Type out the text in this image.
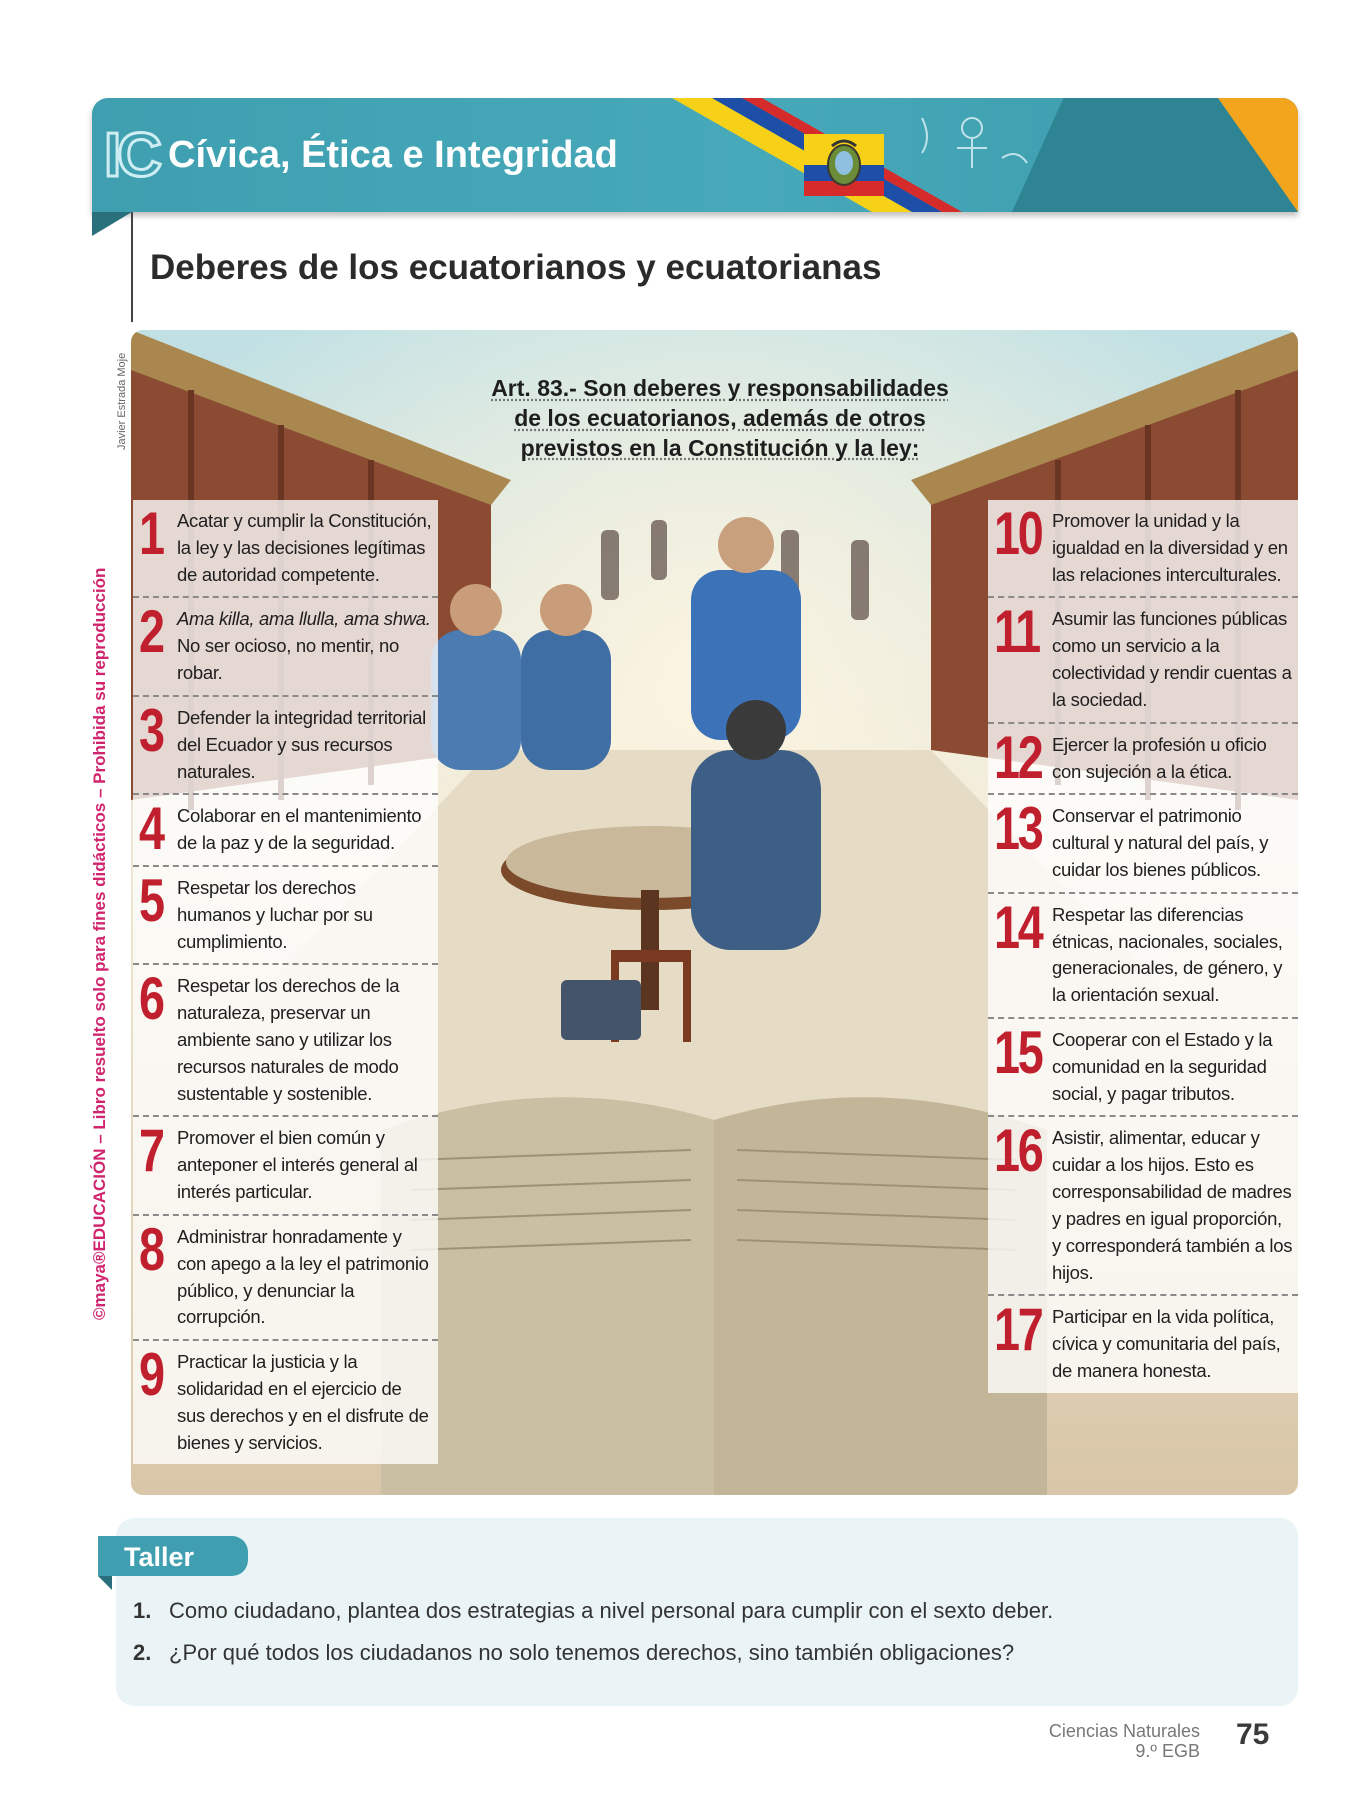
IC Cívica, Ética e Integridad
DUA
Participación
Deberes de los ecuatorianos y ecuatorianas
©maya®EDUCACIÓN – Libro resuelto solo para fines didácticos – Prohibida su reproducción
Javier Estrada Moje	Art. 83.- Son deberes y responsabilidades de los ecuatorianos, además de otros previstos en la Constitución y la ley:
1 Acatar y cumplir la Constitución, la ley y las decisiones legítimas de autoridad competente.
2 Ama killa, ama llulla, ama shwa. No ser ocioso, no mentir, no robar.
3 Defender la integridad territorial del Ecuador y sus recursos naturales.
4 Colaborar en el mantenimiento de la paz y de la seguridad.
5 Respetar los derechos humanos y luchar por su cumplimiento.
6 Respetar los derechos de la naturaleza, preservar un ambiente sano y utilizar los recursos naturales de modo sustentable y sostenible.
7 Promover el bien común y anteponer el interés general al interés particular.
8 Administrar honradamente y con apego a la ley el patrimonio público, y denunciar la corrupción.
9 Practicar la justicia y la solidaridad en el ejercicio de sus derechos y en el disfrute de bienes y servicios.
10 Promover la unidad y la igualdad en la diversidad y en las relaciones interculturales.
11 Asumir las funciones públicas como un servicio a la colectividad y rendir cuentas a la sociedad.
12 Ejercer la profesión u oficio con sujeción a la ética.
13 Conservar el patrimonio cultural y natural del país, y cuidar los bienes públicos.
14 Respetar las diferencias étnicas, nacionales, sociales, generacionales, de género, y la orientación sexual.
15 Cooperar con el Estado y la comunidad en la seguridad social, y pagar tributos.
16 Asistir, alimentar, educar y cuidar a los hijos. Esto es corresponsabilidad de madres y padres en igual proporción, y corresponderá también a los hijos.
17 Participar en la vida política, cívica y comunitaria del país, de manera honesta.
Taller
1. Como ciudadano, plantea dos estrategias a nivel personal para cumplir con el sexto deber.
2. ¿Por qué todos los ciudadanos no solo tenemos derechos, sino también obligaciones?
Ciencias Naturales
9.º EGB 75
